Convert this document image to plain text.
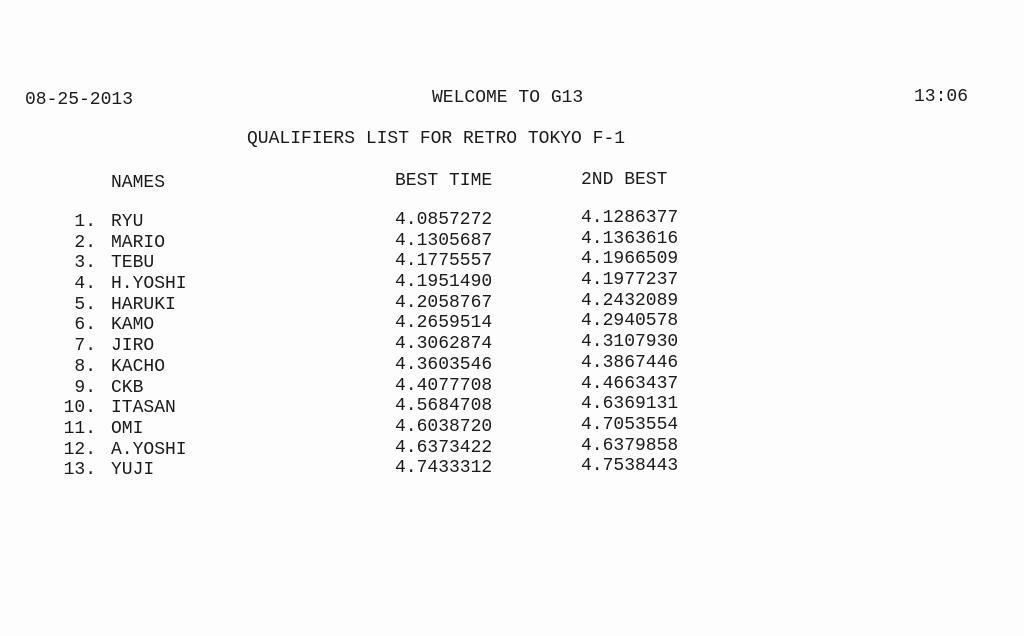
08-25-2013	WELCOME TO G13	13:06
QUALIFIERS LIST FOR RETRO TOKYO F-1
NAMES	BEST TIME	2ND BEST
1. RYU	4.0857272	4.1286377
2. MARIO	4.1305687	4.1363616
3. TEBU	4.1775557	4.1966509
4. H.YOSHI	4.1951490	4.1977237
5. HARUKI	4.2058767	4.2432089
6. KAMO	4.2659514	4.2940578
7. JIRO	4.3062874	4.3107930
8. KACHO	4.3603546	4.3867446
9. CKB	4.4077708	4.4663437
10. ITASAN	4.5684708	4.6369131
11. OMI	4.6038720	4.7053554
12. A.YOSHI	4.6373422	4.6379858
13. YUJI	4.7433312	4.7538443
